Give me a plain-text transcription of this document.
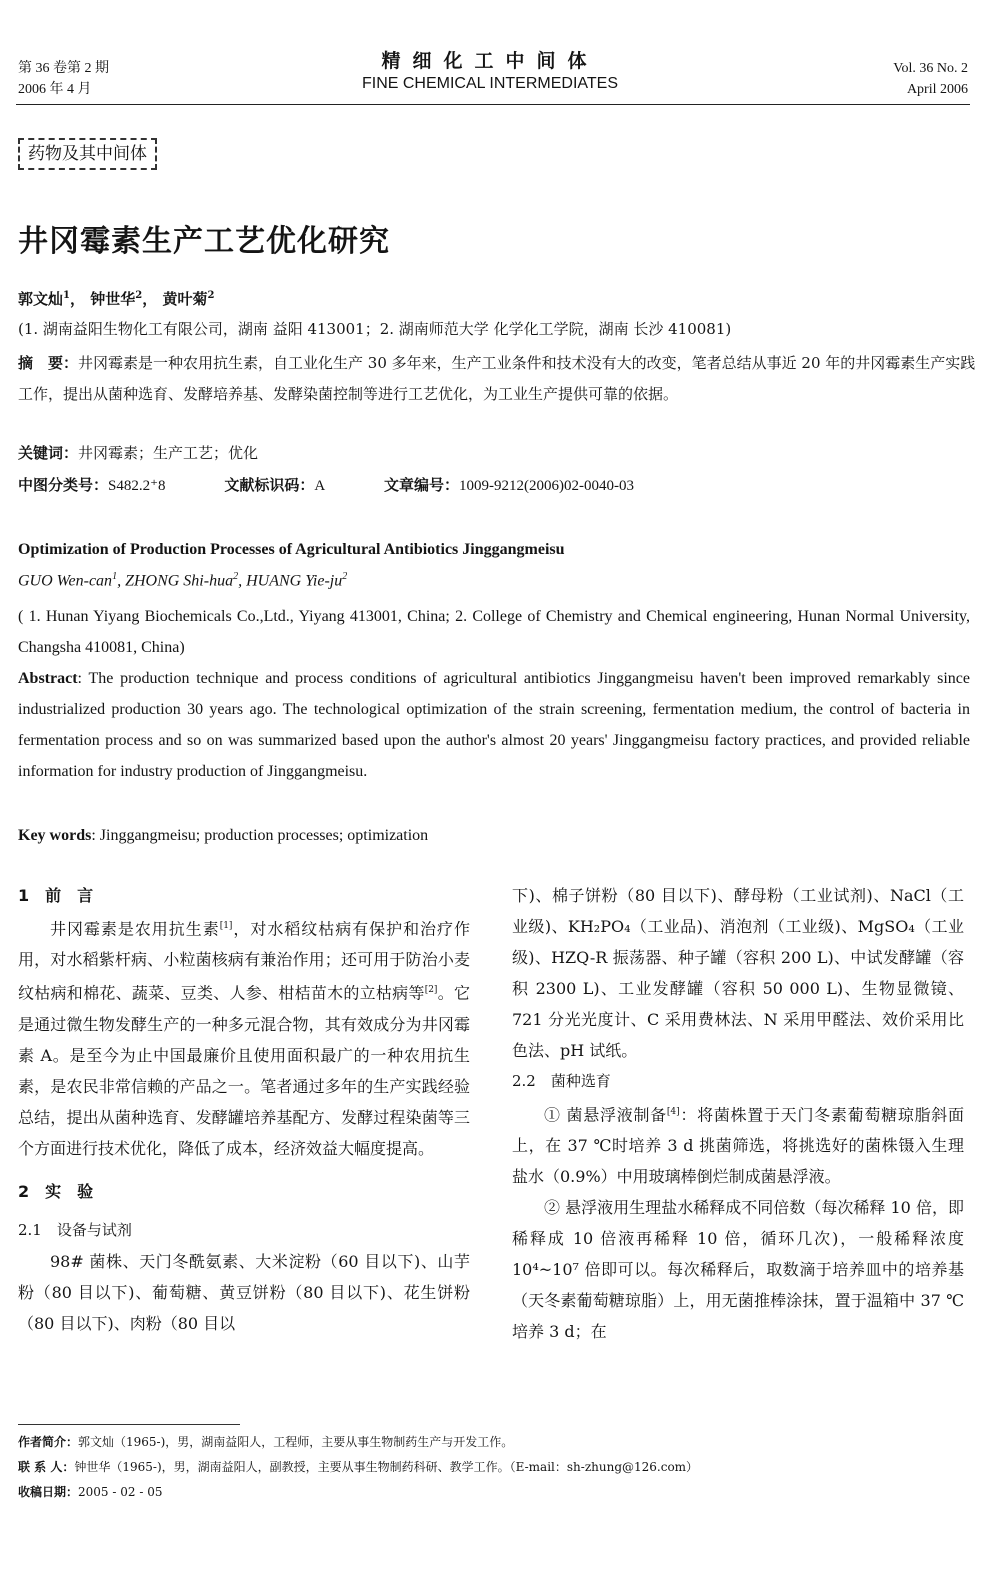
第 36 卷第 2 期
2006 年 4 月
精细化工中间体
FINE CHEMICAL INTERMEDIATES
Vol. 36 No. 2
April 2006
药物及其中间体
井冈霉素生产工艺优化研究
郭文灿$^1$， 钟世华$^2$， 黄叶菊$^2$
(1. 湖南益阳生物化工有限公司，湖南 益阳 413001；2. 湖南师范大学 化学化工学院，湖南 长沙 410081)
摘　要：井冈霉素是一种农用抗生素，自工业化生产 30 多年来，生产工业条件和技术没有大的改变，笔者总结从事近 20 年的井冈霉素生产实践工作，提出从菌种选育、发酵培养基、发酵染菌控制等进行工艺优化，为工业生产提供可靠的依据。
关键词：井冈霉素；生产工艺；优化
中图分类号：S482.2⁺8	文献标识码：A	文章编号：1009-9212(2006)02-0040-03
Optimization of Production Processes of Agricultural Antibiotics Jinggangmeisu
GUO Wen-can$^1$, ZHONG Shi-hua$^2$, HUANG Yie-$ju^2$
( 1. Hunan Yiyang Biochemicals Co.,Ltd., Yiyang 413001, China; 2. College of Chemistry and Chemical engineering, Hunan Normal University, Changsha 410081, China)
Abstract: The production technique and process conditions of agricultural antibiotics Jinggangmeisu haven't been improved remarkably since industrialized production 30 years ago. The technological optimization of the strain screening, fermentation medium, the control of bacteria in fermentation process and so on was summarized based upon the author's almost 20 years' Jinggangmeisu factory practices, and provided reliable information for industry production of Jinggangmeisu.
Key words: Jinggangmeisu; production processes; optimization

1　前　言

井冈霉素是农用抗生素[1]，对水稻纹枯病有保护和治疗作用，对水稻紫杆病、小粒菌核病有兼治作用；还可用于防治小麦纹枯病和棉花、蔬菜、豆类、人参、柑桔苗木的立枯病等[2]。它是通过微生物发酵生产的一种多元混合物，其有效成分为井冈霉素 A。是至今为止中国最廉价且使用面积最广的一种农用抗生素，是农民非常信赖的产品之一。笔者通过多年的生产实践经验总结，提出从菌种选育、发酵罐培养基配方、发酵过程染菌等三个方面进行技术优化，降低了成本，经济效益大幅度提高。

2　实　验

2.1　设备与试剂

98# 菌株、天门冬酰氨素、大米淀粉（60 目以下)、山芋粉（80 目以下)、葡萄糖、黄豆饼粉（80 目以下)、花生饼粉（80 目以下)、肉粉（80 目以

下)、棉子饼粉（80 目以下)、酵母粉（工业试剂)、NaCl（工业级)、KH₂PO₄（工业品)、消泡剂（工业级)、MgSO₄（工业级)、HZQ-R 振荡器、种子罐（容积 200 L)、中试发酵罐（容积 2300 L)、工业发酵罐（容积 50 000 L)、生物显微镜、721 分光光度计、C 采用费林法、N 采用甲醛法、效价采用比色法、pH 试纸。

2.2　菌种选育

① 菌悬浮液制备[4]：将菌株置于天门冬素葡萄糖琼脂斜面上，在 37 ℃时培养 3 d 挑菌筛选，将挑选好的菌株镊入生理盐水（0.9%）中用玻璃棒倒烂制成菌悬浮液。

② 悬浮液用生理盐水稀释成不同倍数（每次稀释 10 倍，即稀释成 10 倍液再稀释 10 倍，循环几次)，一般稀释浓度 10⁴~10⁷ 倍即可以。每次稀释后，取数滴于培养皿中的培养基（天冬素葡萄糖琼脂）上，用无菌推棒涂抹，置于温箱中 37 ℃培养 3 d；在

作者简介：郭文灿（1965-)，男，湖南益阳人，工程师，主要从事生物制药生产与开发工作。
联 系 人：钟世华（1965-)，男，湖南益阳人，副教授，主要从事生物制药科研、教学工作。（E-mail：sh-zhung@126.com）
收稿日期：2005 - 02 - 05
